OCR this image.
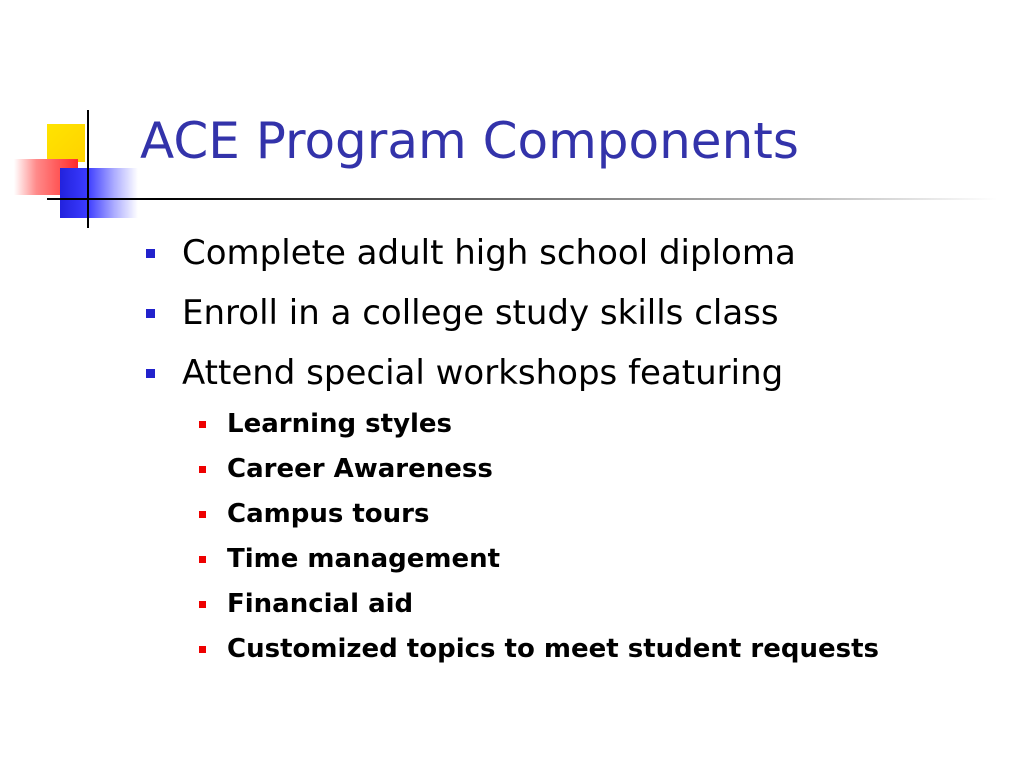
ACE Program Components
Complete adult high school diploma
Enroll in a college study skills class
Attend special workshops featuring
Learning styles
Career Awareness
Campus tours
Time management
Financial aid
Customized topics to meet student requests
